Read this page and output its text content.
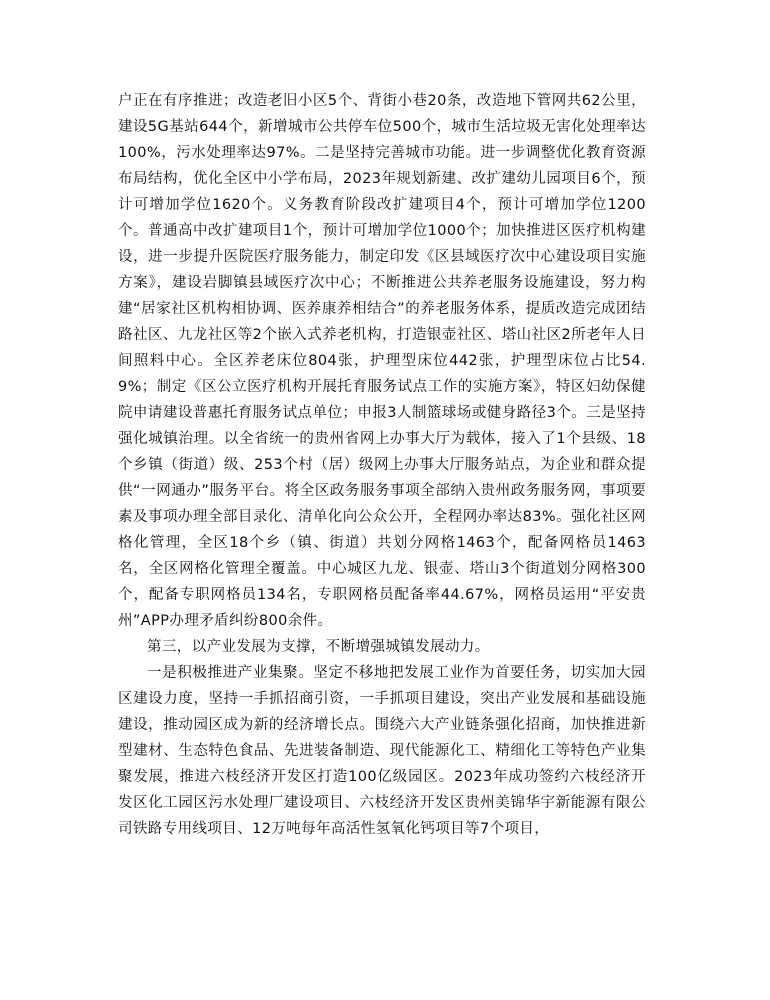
户正在有序推进；改造老旧小区5个、背街小巷20条，改造地下管网共62公里，建设5G基站644个，新增城市公共停车位500个，城市生活垃圾无害化处理率达100%，污水处理率达97%。二是坚持完善城市功能。进一步调整优化教育资源布局结构，优化全区中小学布局，2023年规划新建、改扩建幼儿园项目6个，预计可增加学位1620个。义务教育阶段改扩建项目4个，预计可增加学位1200个。普通高中改扩建项目1个，预计可增加学位1000个；加快推进区医疗机构建设，进一步提升医院医疗服务能力，制定印发《区县域医疗次中心建设项目实施方案》，建设岩脚镇县域医疗次中心；不断推进公共养老服务设施建设，努力构建“居家社区机构相协调、医养康养相结合”的养老服务体系，提质改造完成团结路社区、九龙社区等2个嵌入式养老机构，打造银壶社区、塔山社区2所老年人日间照料中心。全区养老床位804张，护理型床位442张，护理型床位占比54.9%；制定《区公立医疗机构开展托育服务试点工作的实施方案》，特区妇幼保健院申请建设普惠托育服务试点单位；申报3人制篮球场或健身路径3个。三是坚持强化城镇治理。以全省统一的贵州省网上办事大厅为载体，接入了1个县级、18个乡镇（街道）级、253个村（居）级网上办事大厅服务站点，为企业和群众提供“一网通办”服务平台。将全区政务服务事项全部纳入贵州政务服务网，事项要素及事项办理全部目录化、清单化向公众公开，全程网办率达83%。强化社区网格化管理，全区18个乡（镇、街道）共划分网格1463个，配备网格员1463名，全区网格化管理全覆盖。中心城区九龙、银壶、塔山3个街道划分网格300个，配备专职网格员134名，专职网格员配备率44.67%，网格员运用“平安贵州”APP办理矛盾纠纷800余件。

第三，以产业发展为支撑，不断增强城镇发展动力。

一是积极推进产业集聚。坚定不移地把发展工业作为首要任务，切实加大园区建设力度，坚持一手抓招商引资，一手抓项目建设，突出产业发展和基础设施建设，推动园区成为新的经济增长点。围绕六大产业链条强化招商，加快推进新型建材、生态特色食品、先进装备制造、现代能源化工、精细化工等特色产业集聚发展，推进六枝经济开发区打造100亿级园区。2023年成功签约六枝经济开发区化工园区污水处理厂建设项目、六枝经济开发区贵州美锦华宇新能源有限公司铁路专用线项目、12万吨每年高活性氢氧化钙项目等7个项目，
